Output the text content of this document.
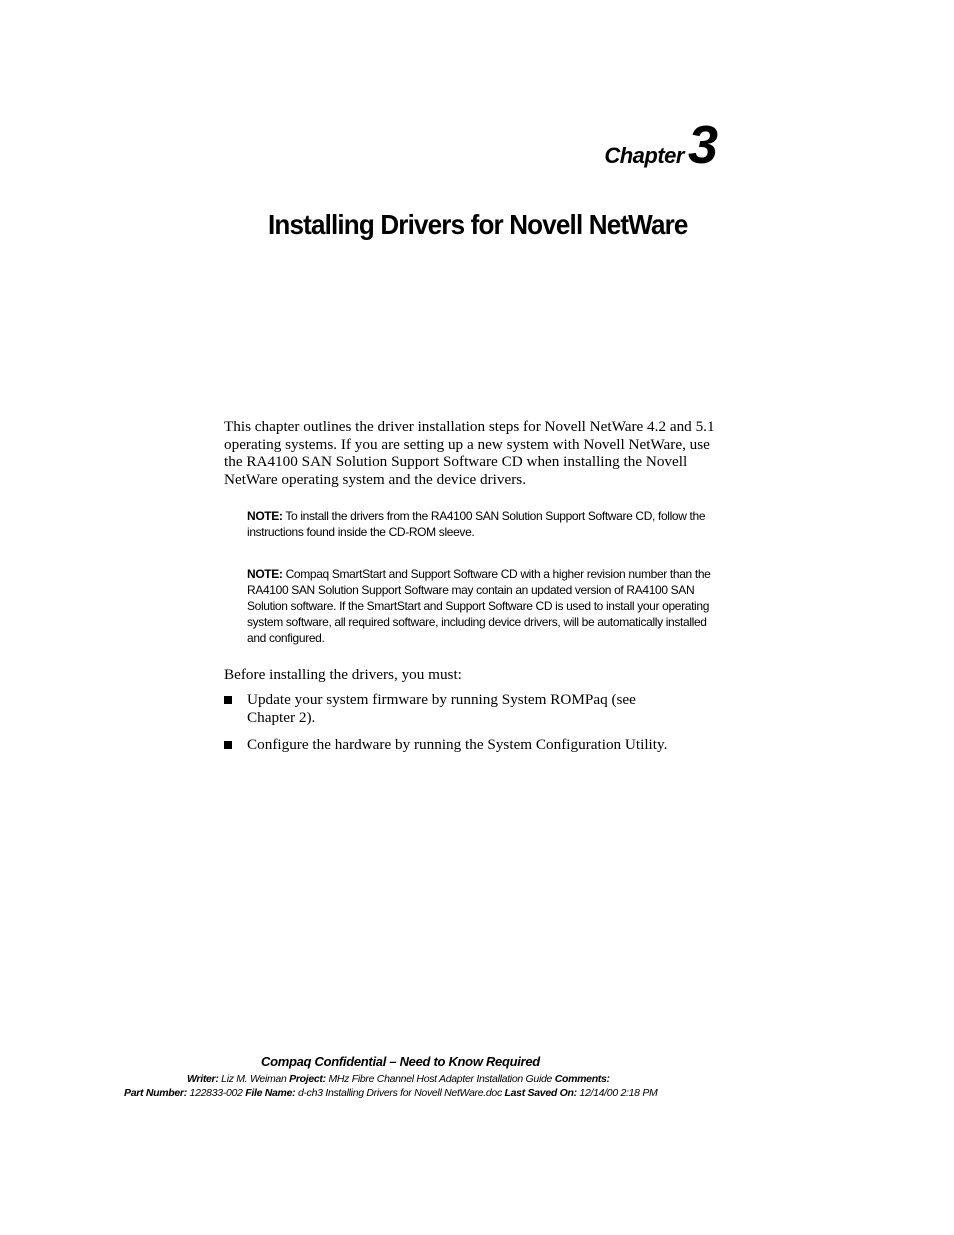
Chapter3
Installing Drivers for Novell NetWare

This chapter outlines the driver installation steps for Novell NetWare 4.2 and 5.1 operating systems. If you are setting up a new system with Novell NetWare, use the RA4100 SAN Solution Support Software CD when installing the Novell NetWare operating system and the device drivers.

NOTE: To install the drivers from the RA4100 SAN Solution Support Software CD, follow the instructions found inside the CD-ROM sleeve.

NOTE: Compaq SmartStart and Support Software CD with a higher revision number than the RA4100 SAN Solution Support Software may contain an updated version of RA4100 SAN Solution software. If the SmartStart and Support Software CD is used to install your operating system software, all required software, including device drivers, will be automatically installed and configured.

Before installing the drivers, you must:

Update your system firmware by running System ROMPaq (see Chapter 2).
Configure the hardware by running the System Configuration Utility.
Compaq Confidential – Need to Know Required
Writer: Liz M. Weiman Project: MHz Fibre Channel Host Adapter Installation Guide Comments:
Part Number: 122833-002 File Name: d-ch3 Installing Drivers for Novell NetWare.doc Last Saved On: 12/14/00 2:18 PM
